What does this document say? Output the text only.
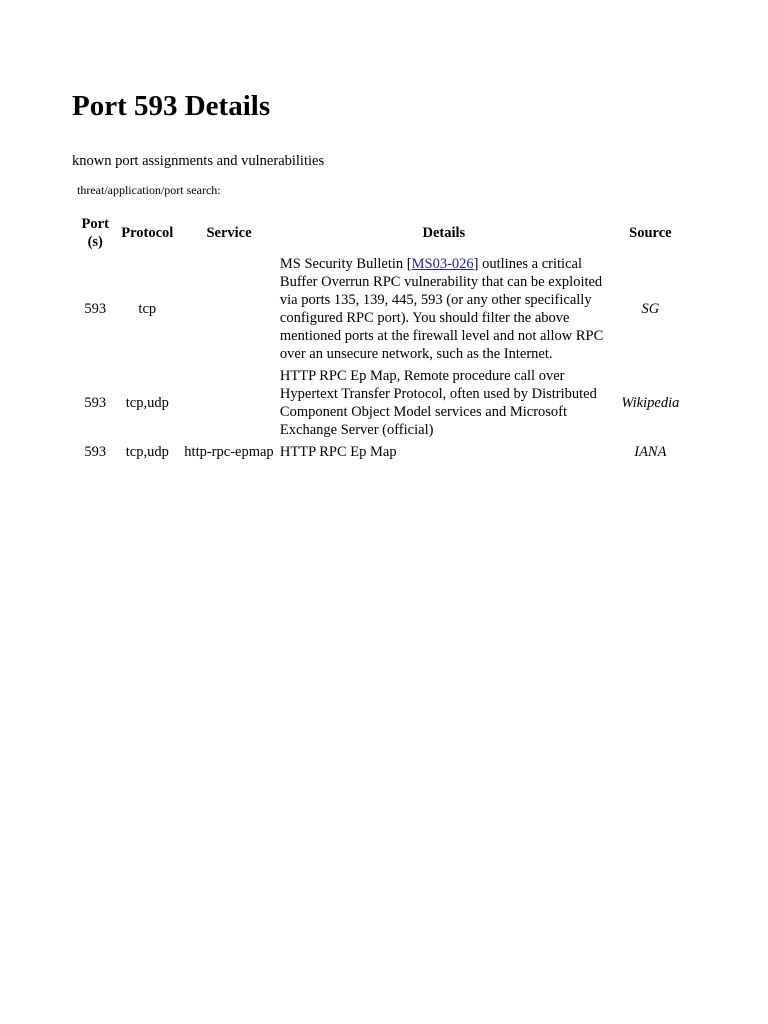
Port 593 Details
known port assignments and vulnerabilities
threat/application/port search:
Port(s)	Protocol	Service	Details	Source
593	tcp		MS Security Bulletin [MS03-026] outlines a critical Buffer Overrun RPC vulnerability that can be exploited via ports 135, 139, 445, 593 (or any other specifically configured RPC port). You should filter the above mentioned ports at the firewall level and not allow RPC over an unsecure network, such as the Internet.	SG
593	tcp,udp		HTTP RPC Ep Map, Remote procedure call over Hypertext Transfer Protocol, often used by Distributed Component Object Model services and Microsoft Exchange Server (official)	Wikipedia
593	tcp,udp	http-rpc-epmap	HTTP RPC Ep Map	IANA
